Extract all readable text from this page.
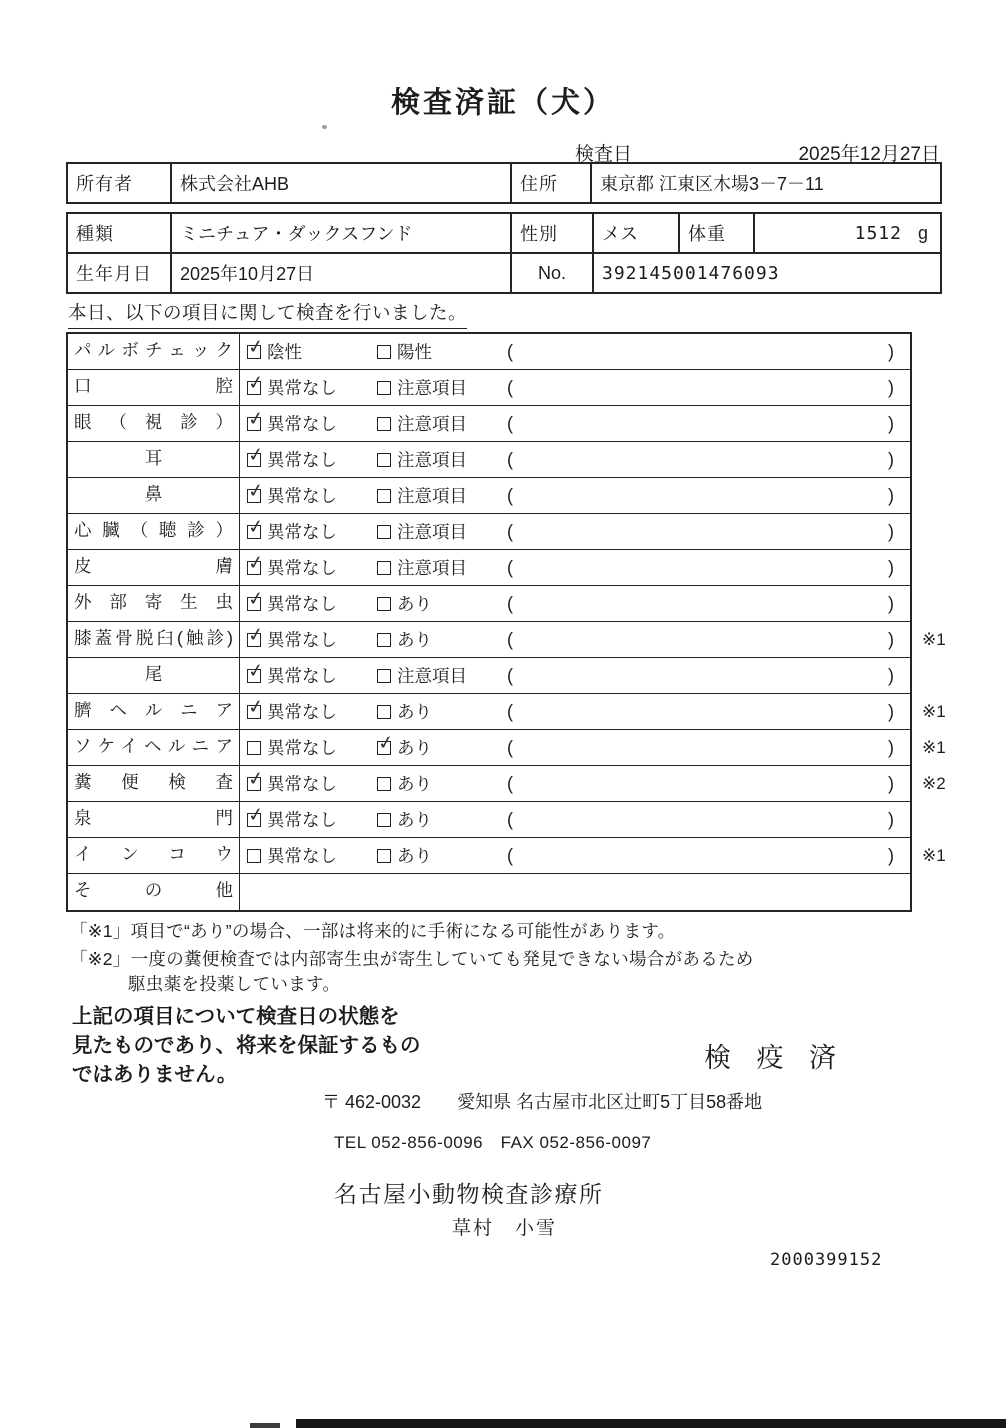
検査済証（犬）
検査日	2025年12月27日
所有者	株式会社AHB	住所	東京都 江東区木場3－7－11
種類	ミニチュア・ダックスフンド	性別	メス	体重	1512 g

生年月日	2025年10月27日	No.	392145001476093		
本日、以下の項目に関して検査を行いました。
パルボチェック ✓	陰性	陽性	(	)
口腔 ✓	異常なし	注意項目 (	)
眼（視診） ✓	異常なし	注意項目 (	)
耳 ✓	異常なし	注意項目 (	)
鼻 ✓	異常なし	注意項目 (	)
心臓（聴診） ✓	異常なし	注意項目 (	)
皮膚 ✓	異常なし	注意項目 (	)
外部寄生虫 ✓	異常なし	あり	(	)
膝蓋骨脱臼(触診) ✓	異常なし	あり	(	) ※1
尾 ✓	異常なし	注意項目 (	)
臍ヘルニア ✓	異常なし	あり	(	) ※1
ソケイヘルニア	異常なし ✓	あり	(	) ※1
糞便検査 ✓	異常なし	あり	(	) ※2
泉門 ✓	異常なし	あり	(	)
インコウ	異常なし	あり	(	) ※1
その他
「※1」項目で“あり”の場合、一部は将来的に手術になる可能性があります。
「※2」一度の糞便検査では内部寄生虫が寄生していても発見できない場合があるため
駆虫薬を投薬しています。
上記の項目について検査日の状態を
見たものであり、将来を保証するもの
ではありません。
検 疫 済
〒 462-0032 愛知県 名古屋市北区辻町5丁目58番地
TEL 052-856-0096　FAX 052-856-0097
名古屋小動物検査診療所
草村　小雪
2000399152
